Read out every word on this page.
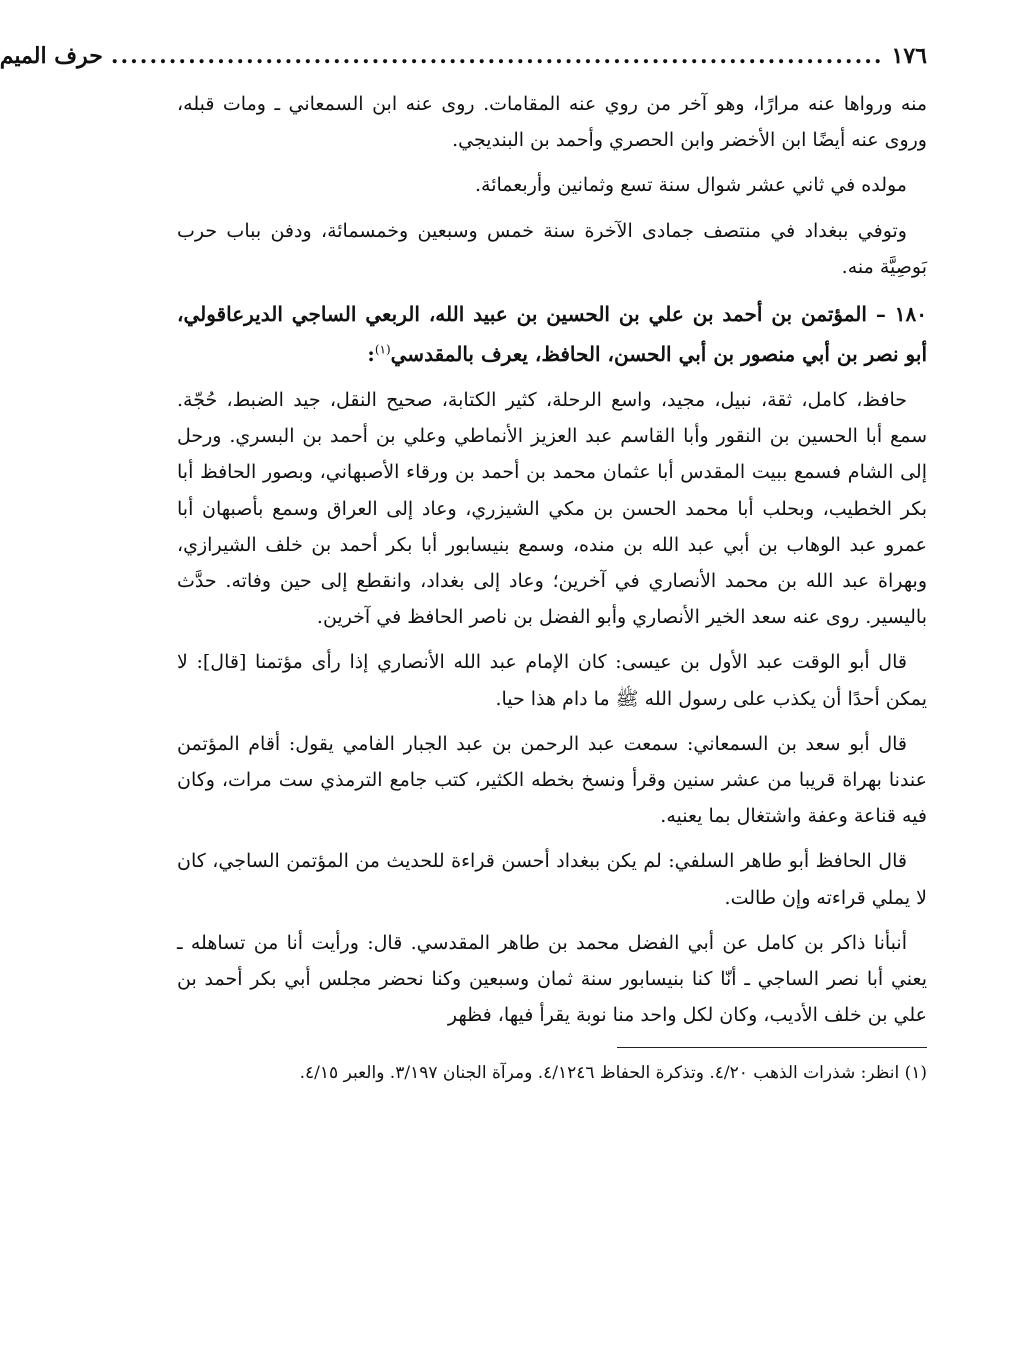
١٧٦
................................................................................
حرف الميم

منه ورواها عنه مرارًا، وهو آخر من روي عنه المقامات. روى عنه ابن السمعاني ـ ومات قبله، وروى عنه أيضًا ابن الأخضر وابن الحصري وأحمد بن البنديجي.

مولده في ثاني عشر شوال سنة تسع وثمانين وأربعمائة.

وتوفي ببغداد في منتصف جمادى الآخرة سنة خمس وسبعين وخمسمائة، ودفن بباب حرب بَوصِيَّة منه.

١٨٠ – المؤتمن بن أحمد بن علي بن الحسين بن عبيد الله، الربعي الساجي الديرعاقولي، أبو نصر بن أبي منصور بن أبي الحسن، الحافظ، يعرف بالمقدسي$^{(١)}$:

حافظ، كامل، ثقة، نبيل، مجيد، واسع الرحلة، كثير الكتابة، صحيح النقل، جيد الضبط، حُجّة. سمع أبا الحسين بن النقور وأبا القاسم عبد العزيز الأنماطي وعلي بن أحمد بن البسري. ورحل إلى الشام فسمع ببيت المقدس أبا عثمان محمد بن أحمد بن ورقاء الأصبهاني، وبصور الحافظ أبا بكر الخطيب، وبحلب أبا محمد الحسن بن مكي الشيزري، وعاد إلى العراق وسمع بأصبهان أبا عمرو عبد الوهاب بن أبي عبد الله بن منده، وسمع بنيسابور أبا بكر أحمد بن خلف الشيرازي، وبهراة عبد الله بن محمد الأنصاري في آخرين؛ وعاد إلى بغداد، وانقطع إلى حين وفاته. حدَّث باليسير. روى عنه سعد الخير الأنصاري وأبو الفضل بن ناصر الحافظ في آخرين.

قال أبو الوقت عبد الأول بن عيسى: كان الإمام عبد الله الأنصاري إذا رأى مؤتمنا [قال]: لا يمكن أحدًا أن يكذب على رسول الله ﷺ ما دام هذا حيا.

قال أبو سعد بن السمعاني: سمعت عبد الرحمن بن عبد الجبار الفامي يقول: أقام المؤتمن عندنا بهراة قريبا من عشر سنين وقرأ ونسخ بخطه الكثير، كتب جامع الترمذي ست مرات، وكان فيه قناعة وعفة واشتغال بما يعنيه.

قال الحافظ أبو طاهر السلفي: لم يكن ببغداد أحسن قراءة للحديث من المؤتمن الساجي، كان لا يملي قراءته وإن طالت.

أنبأنا ذاكر بن كامل عن أبي الفضل محمد بن طاهر المقدسي. قال: ورأيت أنا من تساهله ـ يعني أبا نصر الساجي ـ أنّا كنا بنيسابور سنة ثمان وسبعين وكنا نحضر مجلس أبي بكر أحمد بن علي بن خلف الأديب، وكان لكل واحد منا نوبة يقرأ فيها، فظهر

(١) انظر: شذرات الذهب ٤/٢٠. وتذكرة الحفاظ ٤/١٢٤٦. ومرآة الجنان ٣/١٩٧. والعبر ٤/١٥.
